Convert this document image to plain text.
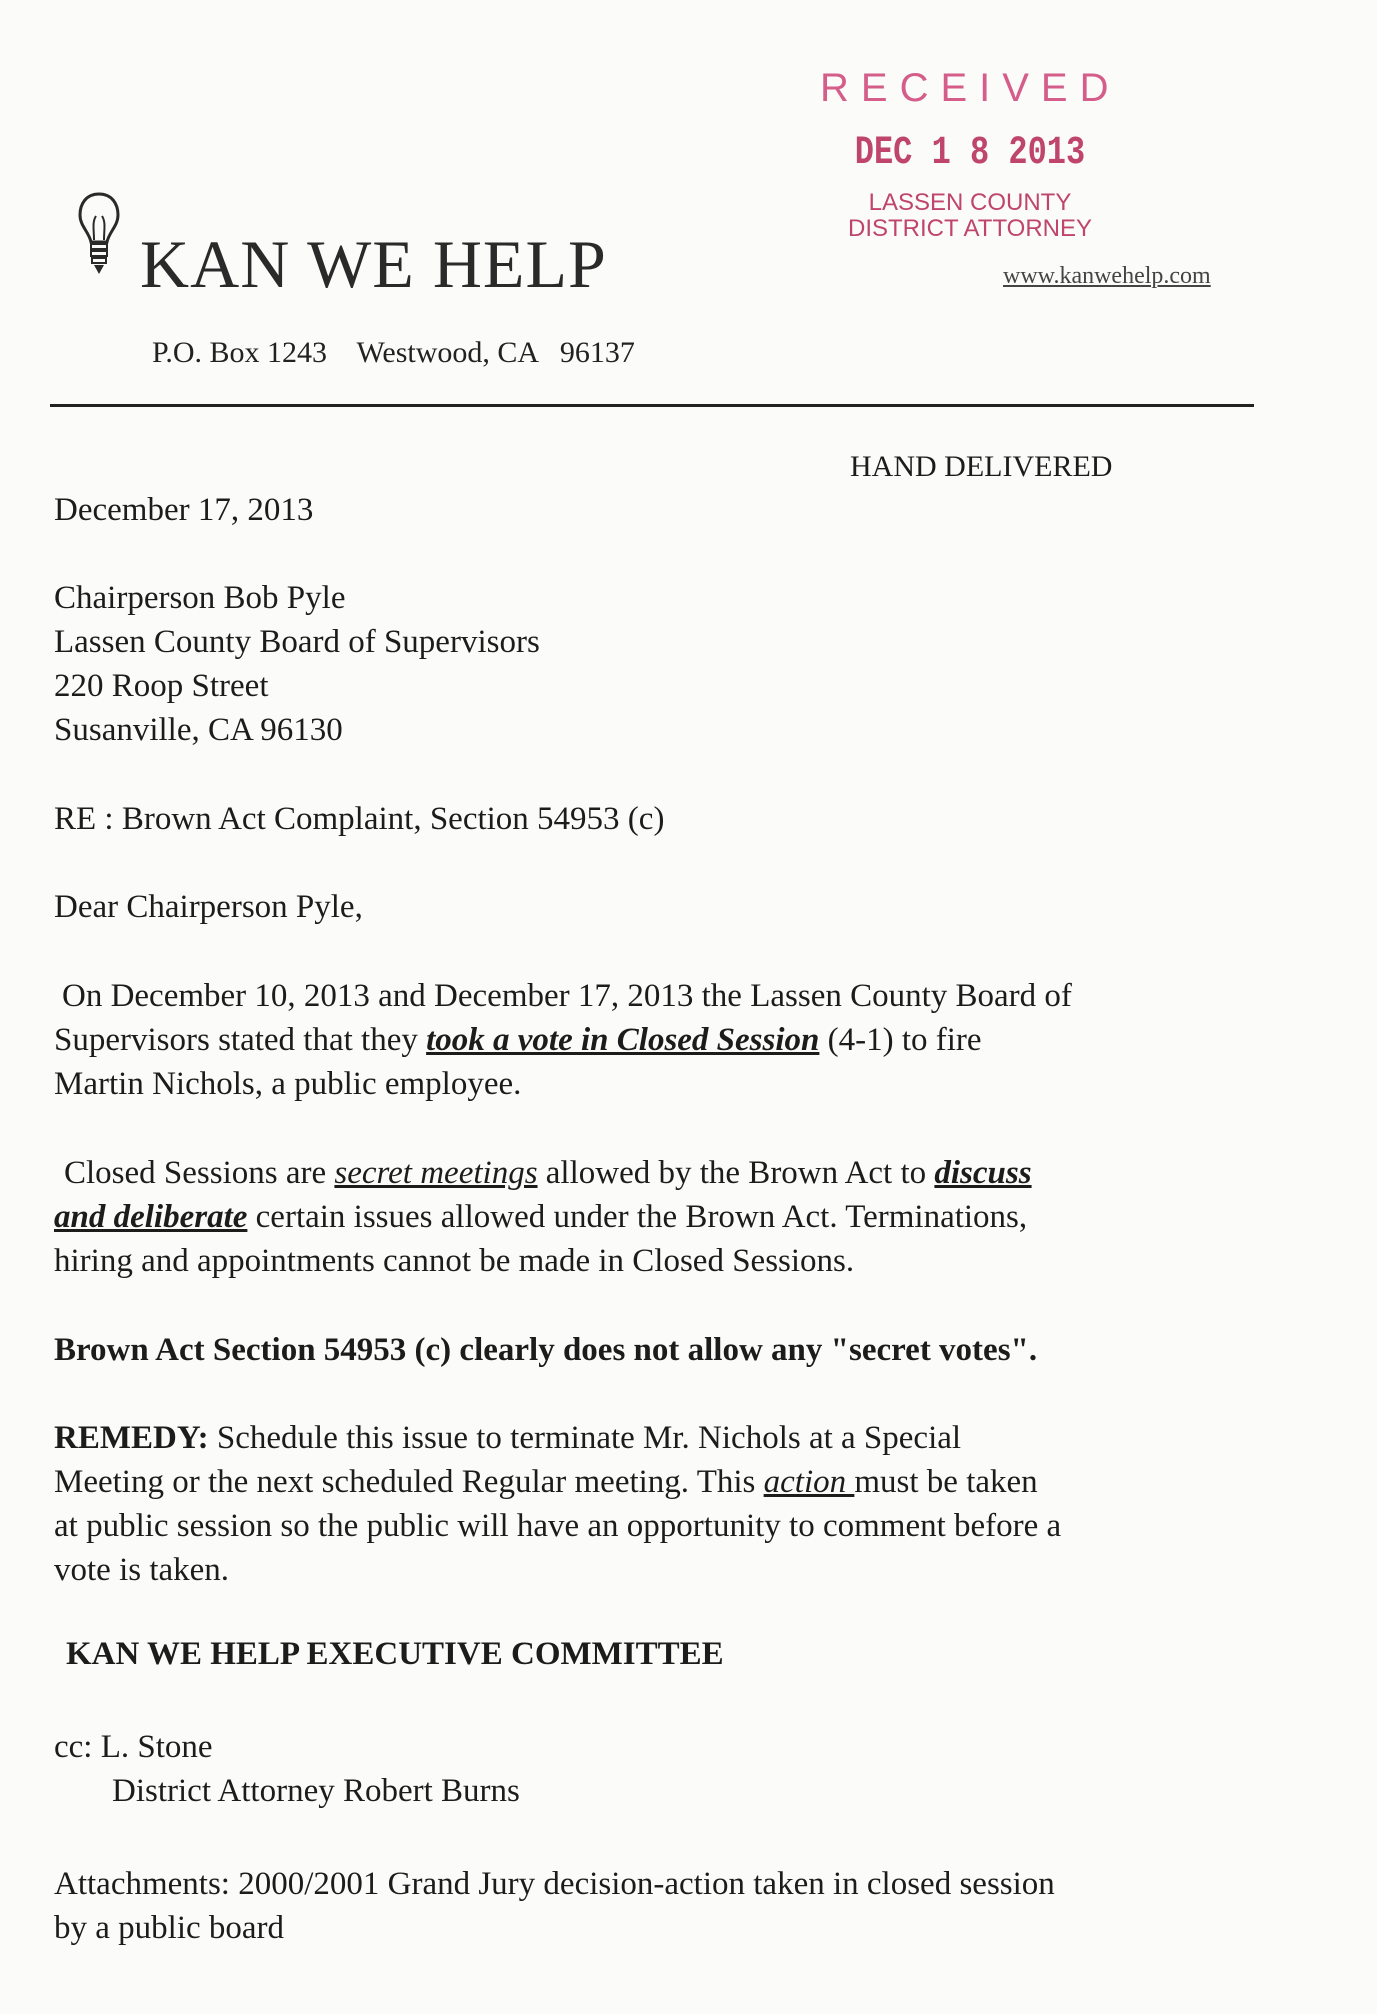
RECEIVED
DEC 1 8 2013
LASSEN COUNTY
DISTRICT ATTORNEY
KAN WE HELP	www.kanwehelp.com
P.O. Box 1243    Westwood, CA   96137
HAND DELIVERED
December 17, 2013
Chairperson Bob Pyle
Lassen County Board of Supervisors
220 Roop Street
Susanville, CA 96130
RE : Brown Act Complaint, Section 54953 (c)
Dear Chairperson Pyle,
On December 10, 2013 and December 17, 2013 the Lassen County Board of
Supervisors stated that they took a vote in Closed Session (4-1) to fire
Martin Nichols, a public employee.
Closed Sessions are secret meetings allowed by the Brown Act to discuss
and deliberate certain issues allowed under the Brown Act. Terminations,
hiring and appointments cannot be made in Closed Sessions.
Brown Act Section 54953 (c) clearly does not allow any "secret votes".
REMEDY: Schedule this issue to terminate Mr. Nichols at a Special
Meeting or the next scheduled Regular meeting. This action must be taken
at public session so the public will have an opportunity to comment before a
vote is taken.
KAN WE HELP EXECUTIVE COMMITTEE
cc: L. Stone
District Attorney Robert Burns
Attachments: 2000/2001 Grand Jury decision-action taken in closed session
by a public board
